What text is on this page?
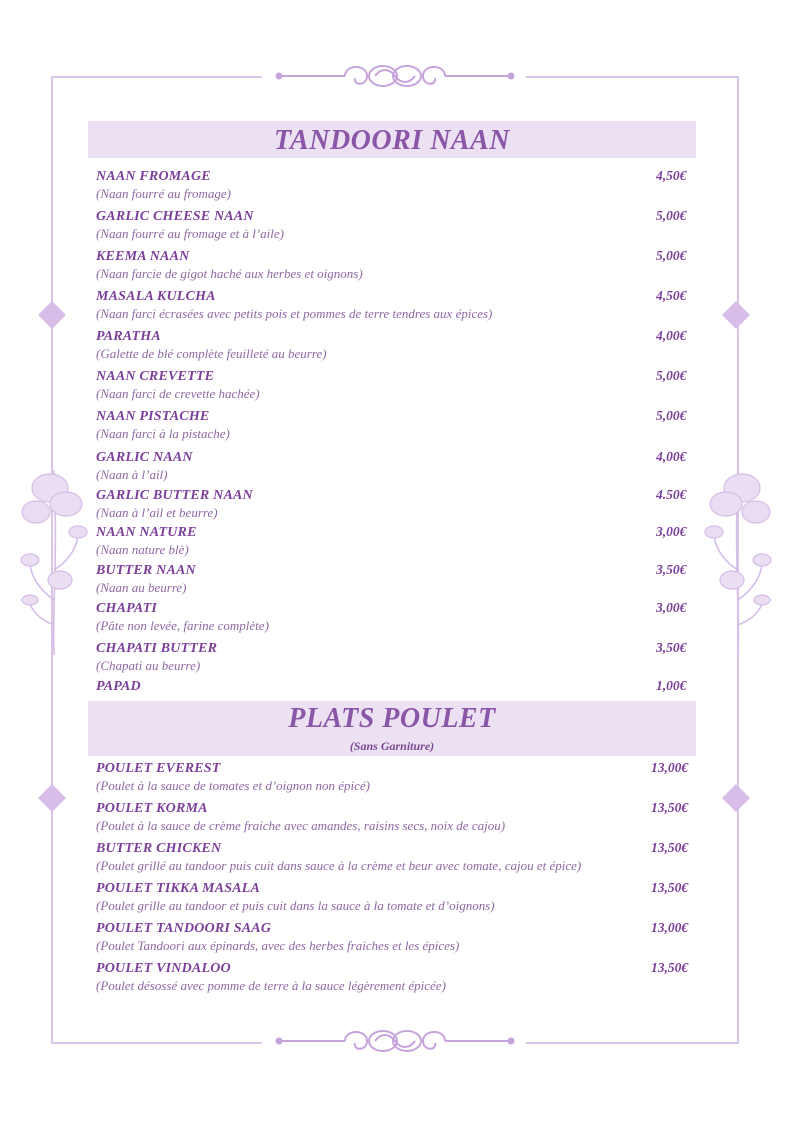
TANDOORI NAAN
NAAN FROMAGE
(Naan fourré au fromage)
4,50€
GARLIC CHEESE NAAN
(Naan fourré au fromage et à l’aile)
5,00€
KEEMA NAAN
(Naan farcie de gigot haché aux herbes et oignons)
5,00€
MASALA KULCHA
(Naan farci écrasées avec petits pois et pommes de terre tendres aux épices)
4,50€
PARATHA
(Galette de blé complète feuilleté au beurre)
4,00€
NAAN CREVETTE
(Naan farci de crevette hachée)
5,00€
NAAN PISTACHE
(Naan farci à la pistache)
5,00€
GARLIC NAAN
(Naan à l’ail)
4,00€
GARLIC BUTTER NAAN
(Naan à l’ail et beurre)
4.50€
NAAN NATURE
(Naan nature blè)
3,00€
BUTTER NAAN
(Naan au beurre)
3,50€
CHAPATI
(Pâte non levée, farine complète)
3,00€
CHAPATI BUTTER
(Chapati au beurre)
3,50€
PAPAD	1,00€
PLATS POULET
(Sans Garniture)
POULET EVEREST
(Poulet à la sauce de tomates et d’oignon non épicé)
13,00€
POULET KORMA
(Poulet à la sauce de crème fraiche avec amandes, raisins secs, noix de cajou)
13,50€
BUTTER CHICKEN
(Poulet grillé au tandoor puis cuit dans sauce à la crème et beur avec tomate, cajou et épice)
13,50€
POULET TIKKA MASALA
(Poulet grille au tandoor et puis cuit dans la sauce à la tomate et d’oignons)
13,50€
POULET TANDOORI SAAG
(Poulet Tandoori aux épinards, avec des herbes fraiches et les épices)
13,00€
POULET VINDALOO
(Poulet désossé avec pomme de terre à la sauce légèrement épicée)
13,50€
